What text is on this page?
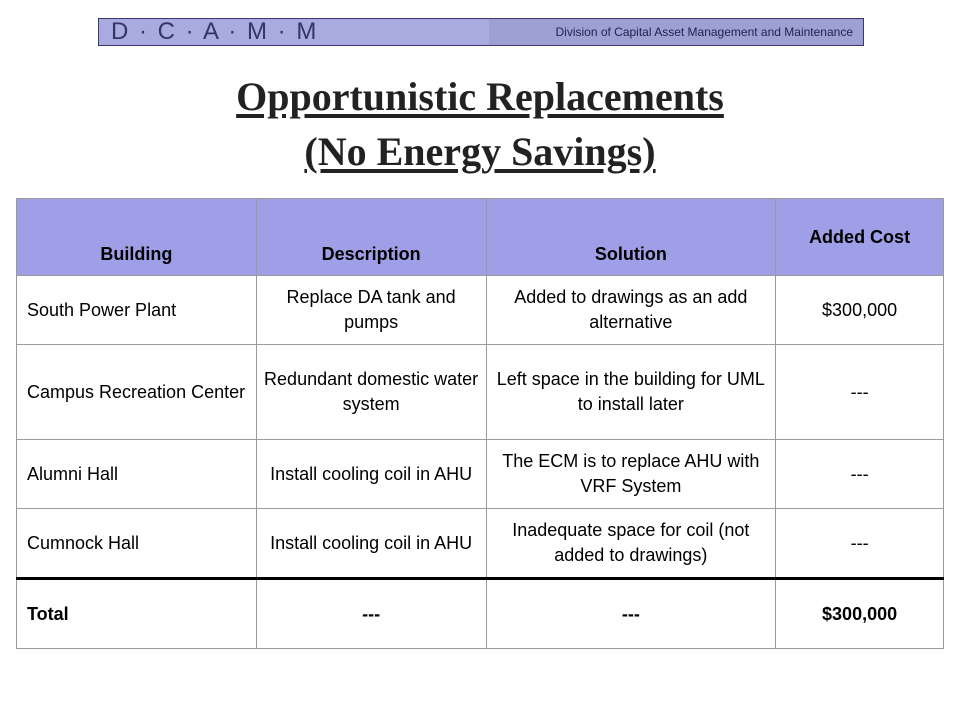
D · C · A · M · M	Division of Capital Asset Management and Maintenance
Opportunistic Replacements
(No Energy Savings)
Building	Description	Solution	Added Cost
South Power Plant	Replace DA tank and pumps	Added to drawings as an add alternative	$300,000
Campus Recreation Center	Redundant domestic water system	Left space in the building for UML to install later	---
Alumni Hall	Install cooling coil in AHU	The ECM is to replace AHU with VRF System	---
Cumnock Hall	Install cooling coil in AHU	Inadequate space for coil (not added to drawings)	---
Total	---	---	$300,000
